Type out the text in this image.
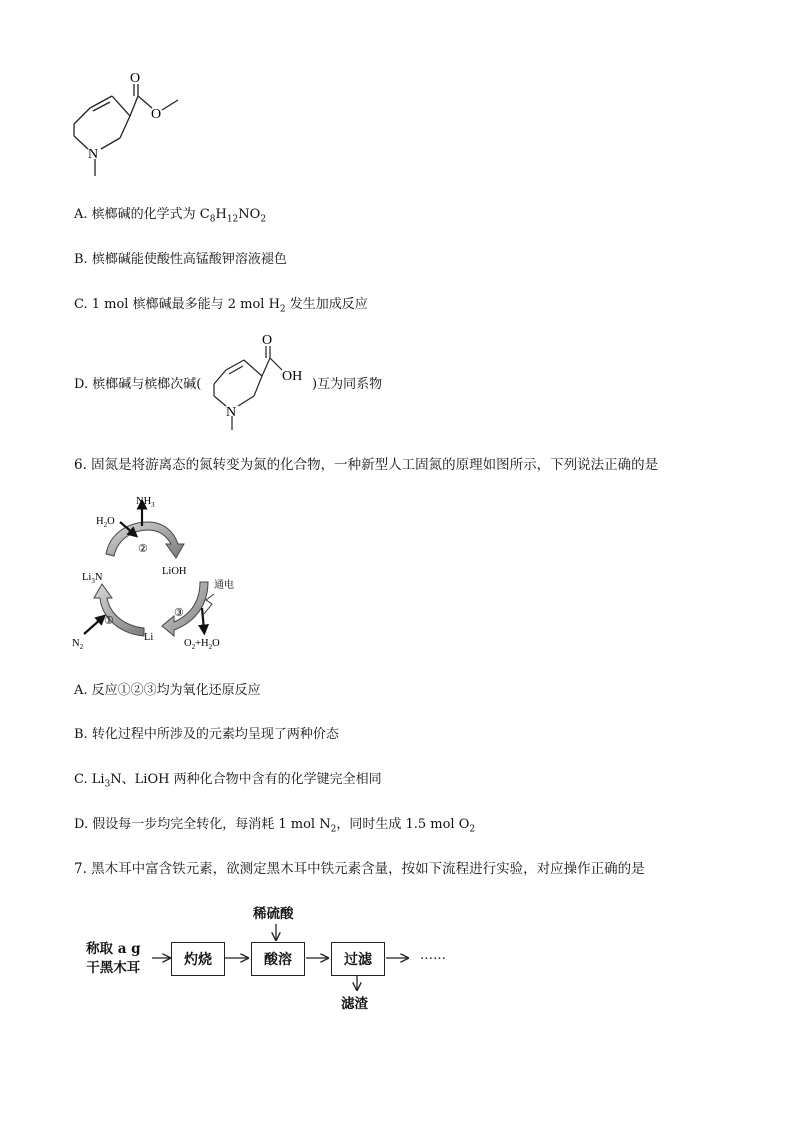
O
O
N
A. 槟榔碱的化学式为 $C_8H_{12}NO_2$
B. 槟榔碱能使酸性高锰酸钾溶液褪色
C. 1 mol 槟榔碱最多能与 2 mol $H_2$ 发生加成反应
D. 槟榔碱与槟榔次碱(
O
OH
N
)互为同系物
6. 固氮是将游离态的氮转变为氮的化合物，一种新型人工固氮的原理如图所示，下列说法正确的是
$NH_3$
$H_2O$
②
$Li_3N$
LiOH
通电
①
③
Li
$N_2$	$O_2+H_2O$
A. 反应①②③均为氧化还原反应
B. 转化过程中所涉及的元素均呈现了两种价态
C. $Li_3N$、LiOH 两种化合物中含有的化学键完全相同
D. 假设每一步均完全转化，每消耗 1 mol $N_2$，同时生成 1.5 mol $O_2$
7. 黑木耳中富含铁元素，欲测定黑木耳中铁元素含量，按如下流程进行实验，对应操作正确的是
称取 a g
干黑木耳
稀硫酸
灼烧	酸溶	过滤
滤渣
……
